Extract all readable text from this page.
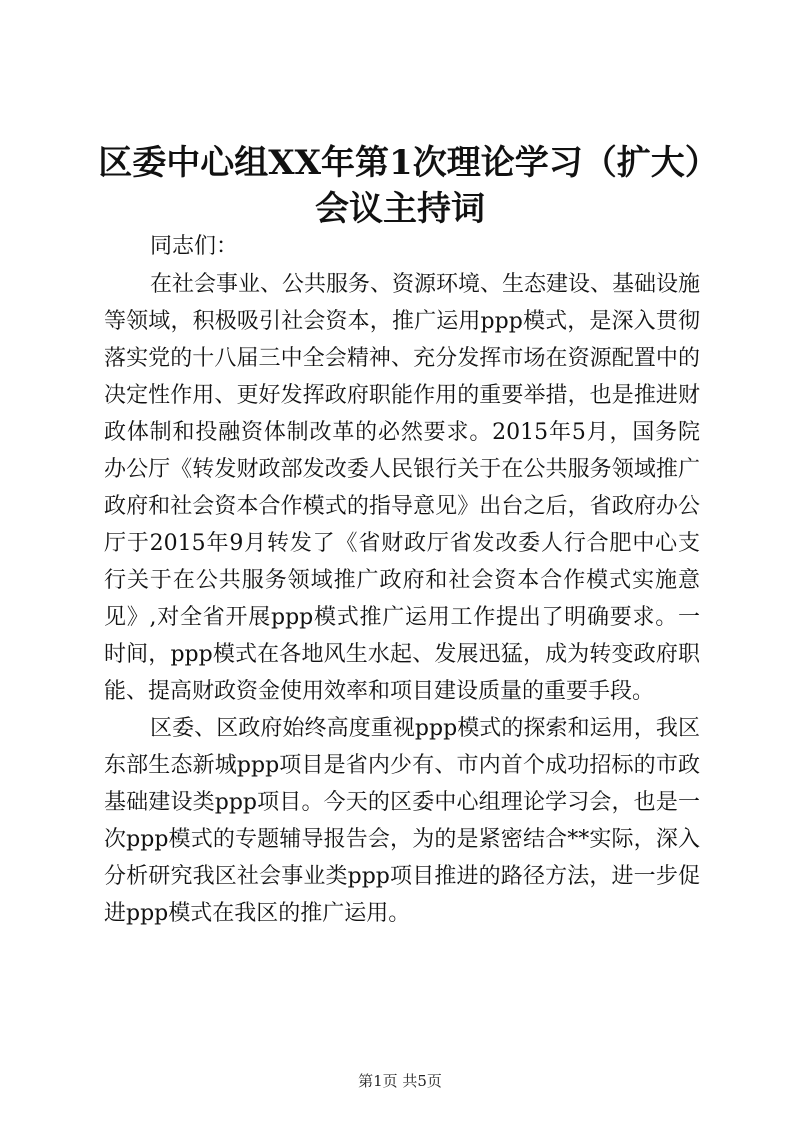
区委中心组XX年第1次理论学习（扩大）会议主持词
同志们：

在社会事业、公共服务、资源环境、生态建设、基础设施等领域，积极吸引社会资本，推广运用ppp模式，是深入贯彻落实党的十八届三中全会精神、充分发挥市场在资源配置中的决定性作用、更好发挥政府职能作用的重要举措，也是推进财政体制和投融资体制改革的必然要求。2015年5月，国务院办公厅《转发财政部发改委人民银行关于在公共服务领域推广政府和社会资本合作模式的指导意见》出台之后，省政府办公厅于2015年9月转发了《省财政厅省发改委人行合肥中心支行关于在公共服务领域推广政府和社会资本合作模式实施意见》,对全省开展ppp模式推广运用工作提出了明确要求。一时间，ppp模式在各地风生水起、发展迅猛，成为转变政府职能、提高财政资金使用效率和项目建设质量的重要手段。

区委、区政府始终高度重视ppp模式的探索和运用，我区东部生态新城ppp项目是省内少有、市内首个成功招标的市政基础建设类ppp项目。今天的区委中心组理论学习会，也是一次ppp模式的专题辅导报告会，为的是紧密结合**实际，深入分析研究我区社会事业类ppp项目推进的路径方法，进一步促进ppp模式在我区的推广运用。

第1页 共5页
